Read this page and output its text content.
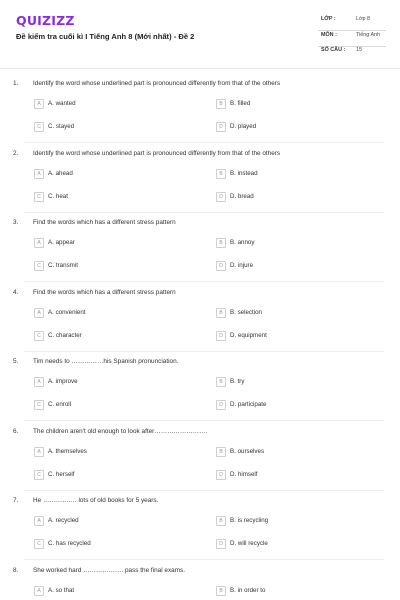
QUIZIZZ
Đề kiểm tra cuối kì I Tiếng Anh 8 (Mới nhất) - Đề 2
LỚP :	Lớp 8
MÔN :	Tiếng Anh
SỐ CÂU : 15
1. Identify the word whose underlined part is pronounced differently from that of the others
A	A. wanted	B	B. filled
C	C. stayed	D	D. played
2. Identify the word whose underlined part is pronounced differently from that of the others
A	A. ahead	B	B. instead
C	C. heat	D	D. bread
3. Find the words which has a different stress pattern
A	A. appear	B	B. annoy
C	C. transmit	D	D. injure
4. Find the words which has a different stress pattern
A	A. convenient	B	B. selection
C	C. character	D	D. equipment
5. Tim needs to ……………his Spanish pronunciation.
A	A. improve	B	B. try
C	C. enroll	D	D. participate
6. The children aren't old enough to look after…………………….
A	A. themselves	B	B. ourselves
C	C. herself	D	D. himself
7. He ……………. lots of old books for 5 years.
A	A. recycled	B	B. is recycling
C	C. has recycled	D	D. will recycle
8. She worked hard ………………. pass the final exams.
A	A. so that	B	B. in order to
